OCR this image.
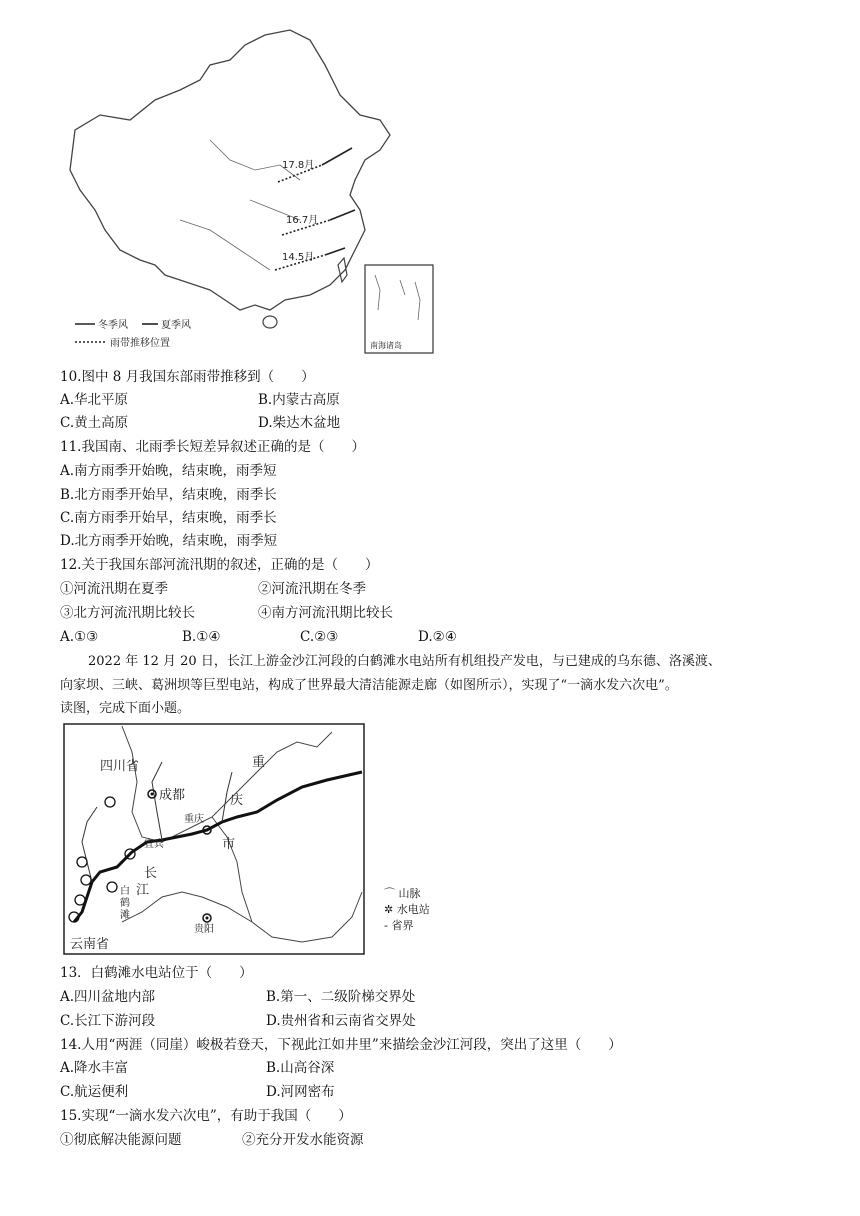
17.8月
16.7月
14.5月
冬季风	夏季风
雨带推移位置	南海诸岛
10.图中 8 月我国东部雨带推移到（　　）
A.华北平原	B.内蒙古高原
C.黄土高原	D.柴达木盆地
11.我国南、北雨季长短差异叙述正确的是（　　）
A.南方雨季开始晚，结束晚，雨季短
B.北方雨季开始早，结束晚，雨季长
C.南方雨季开始早，结束晚，雨季长
D.北方雨季开始晚，结束晚，雨季短
12.关于我国东部河流汛期的叙述，正确的是（　　）
①河流汛期在夏季	②河流汛期在冬季
③北方河流汛期比较长	④南方河流汛期比较长
A.①③	B.①④	C.②③	D.②④
2022 年 12 月 20 日，长江上游金沙江河段的白鹤滩水电站所有机组投产发电，与已建成的乌东德、洛溪渡、
向家坝、三峡、葛洲坝等巨型电站，构成了世界最大清洁能源走廊（如图所示），实现了“一滴水发六次电”。
读图，完成下面小题。
四川省
成都
重庆
重
庆
市
宜宾
长
江
白
鹤
滩
云南省
贵阳
⌒ 山脉
✲ 水电站
- 省界
13．白鹤滩水电站位于（　　）
A.四川盆地内部	B.第一、二级阶梯交界处
C.长江下游河段	D.贵州省和云南省交界处
14.人用“两涯（同崖）峻极若登天，下视此江如井里”来描绘金沙江河段，突出了这里（　　）
A.降水丰富	B.山高谷深
C.航运便利	D.河网密布
15.实现“一滴水发六次电”，有助于我国（　　）
①彻底解决能源问题	②充分开发水能资源
